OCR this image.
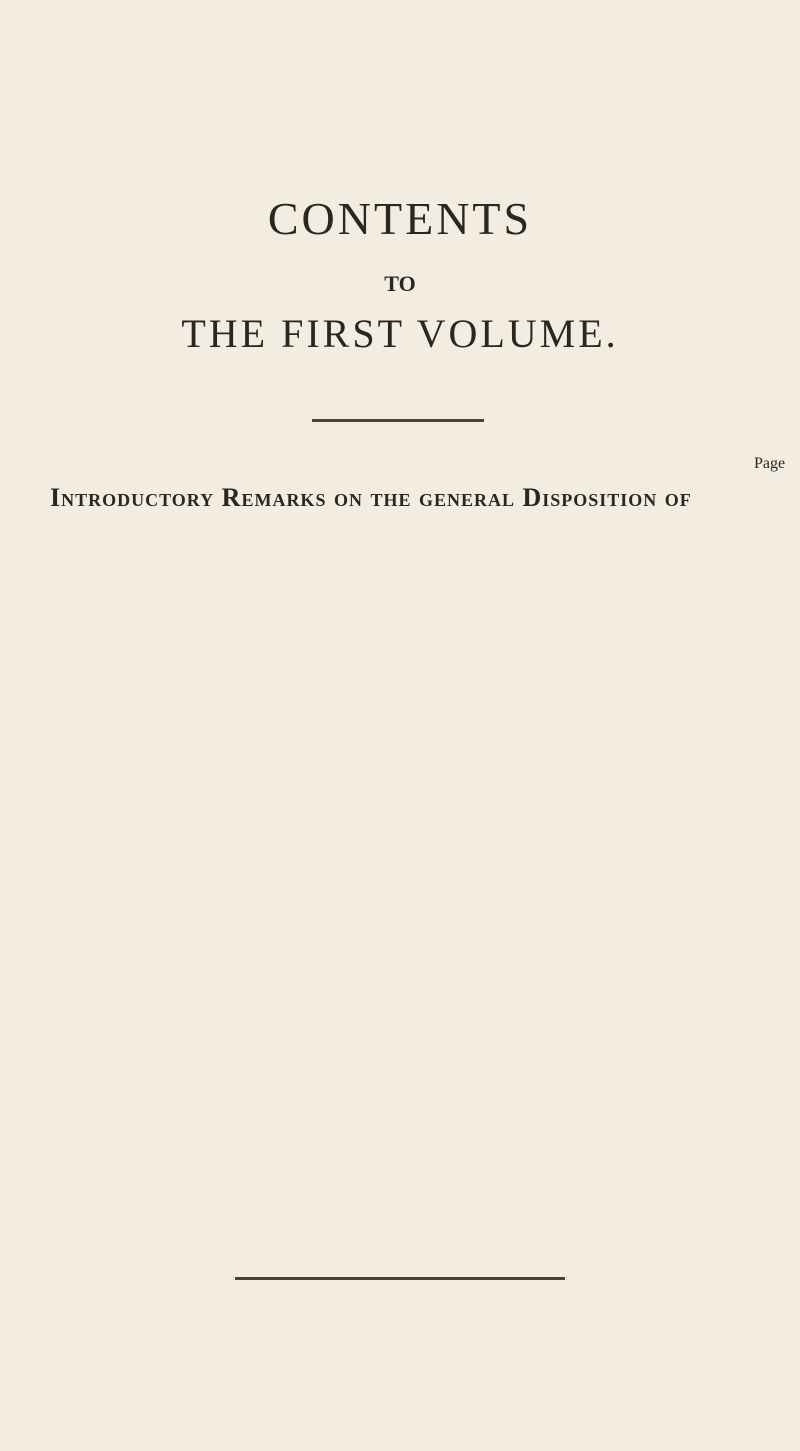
CONTENTS
TO
THE FIRST VOLUME.
Page
Introductory Remarks on the general Disposition of
